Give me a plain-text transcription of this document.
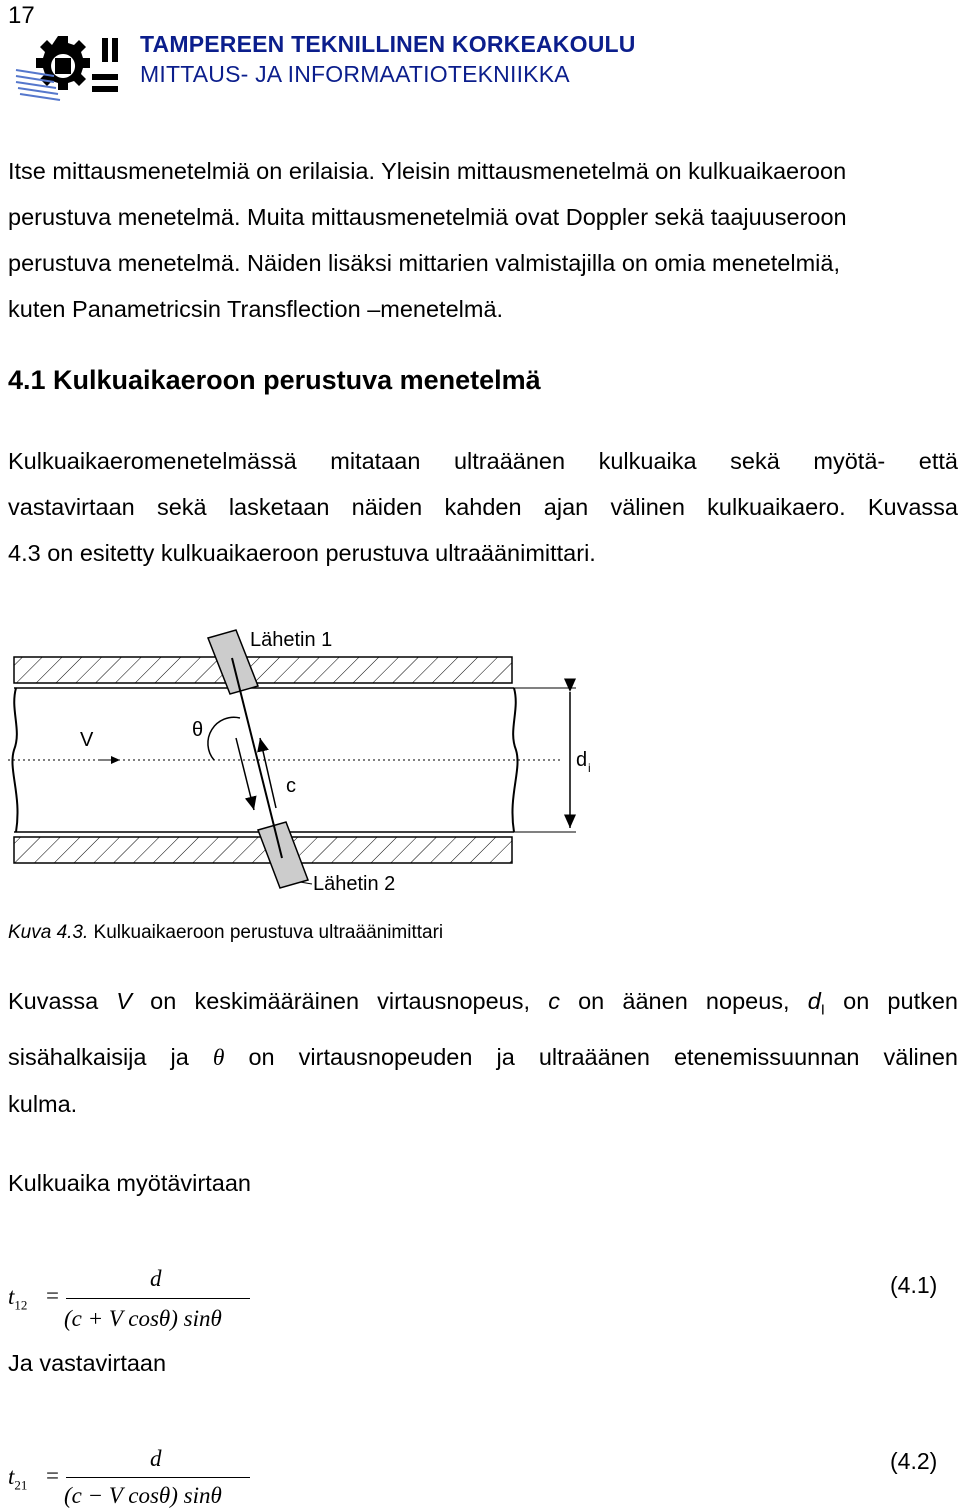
17
TAMPEREEN TEKNILLINEN KORKEAKOULU
MITTAUS- JA INFORMAATIOTEKNIIKKA
Itse mittausmenetelmiä on erilaisia. Yleisin mittausmenetelmä on kulkuaikaeroon
perustuva menetelmä. Muita mittausmenetelmiä ovat Doppler sekä taajuuseroon
perustuva menetelmä. Näiden lisäksi mittarien valmistajilla on omia menetelmiä,
kuten Panametricsin Transflection –menetelmä.
4.1 Kulkuaikaeroon perustuva menetelmä
Kulkuaikaeromenetelmässä mitataan ultraäänen kulkuaika sekä myötä- että
vastavirtaan sekä lasketaan näiden kahden ajan välinen kulkuaikaero. Kuvassa
4.3 on esitetty kulkuaikaeroon perustuva ultraäänimittari.
Lähetin 1
Lähetin 2
V	θ
c
d i
Kuva 4.3. Kulkuaikaeroon perustuva ultraäänimittari
Kuvassa V on keskimääräinen virtausnopeus, c on äänen nopeus, $d_I$ on putken
sisähalkaisija ja θ on virtausnopeuden ja ultraäänen etenemissuunnan välinen
kulma.
Kulkuaika myötävirtaan
$t_{12}$ =
d
(c + V cosθ) sinθ
(4.1)
Ja vastavirtaan
$t_{21}$ =
d
(c − V cosθ) sinθ
(4.2)
